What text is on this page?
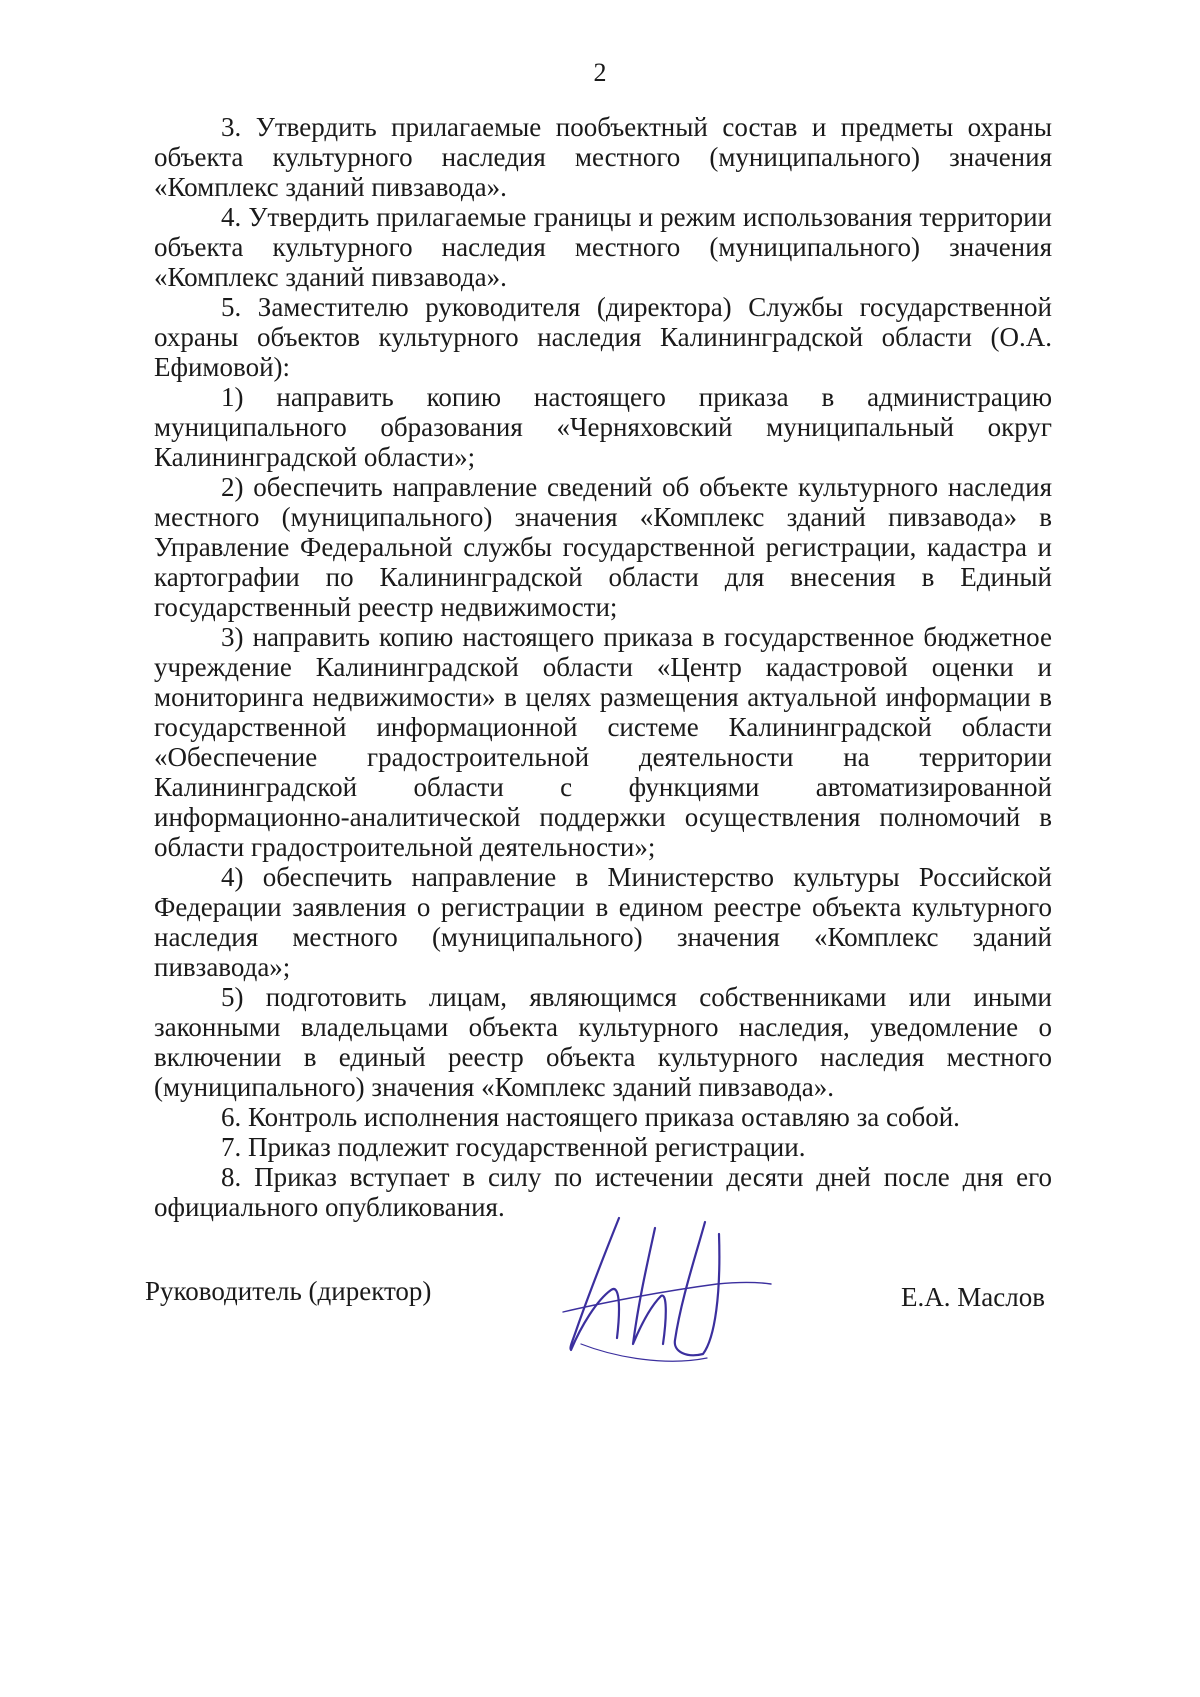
2

3. Утвердить прилагаемые пообъектный состав и предметы охраны объекта культурного наследия местного (муниципального) значения «Комплекс зданий пивзавода».

4. Утвердить прилагаемые границы и режим использования территории объекта культурного наследия местного (муниципального) значения «Комплекс зданий пивзавода».

5. Заместителю руководителя (директора) Службы государственной охраны объектов культурного наследия Калининградской области (О.А. Ефимовой):

1) направить копию настоящего приказа в администрацию муниципального образования «Черняховский муниципальный округ Калининградской области»;

2) обеспечить направление сведений об объекте культурного наследия местного (муниципального) значения «Комплекс зданий пивзавода» в Управление Федеральной службы государственной регистрации, кадастра и картографии по Калининградской области для внесения в Единый государственный реестр недвижимости;

3) направить копию настоящего приказа в государственное бюджетное учреждение Калининградской области «Центр кадастровой оценки и мониторинга недвижимости» в целях размещения актуальной информации в государственной информационной системе Калининградской области «Обеспечение градостроительной деятельности на территории Калининградской области с функциями автоматизированной информационно-аналитической поддержки осуществления полномочий в области градостроительной деятельности»;

4) обеспечить направление в Министерство культуры Российской Федерации заявления о регистрации в едином реестре объекта культурного наследия местного (муниципального) значения «Комплекс зданий пивзавода»;

5) подготовить лицам, являющимся собственниками или иными законными владельцами объекта культурного наследия, уведомление о включении в единый реестр объекта культурного наследия местного (муниципального) значения «Комплекс зданий пивзавода».

6. Контроль исполнения настоящего приказа оставляю за собой.

7. Приказ подлежит государственной регистрации.

8. Приказ вступает в силу по истечении десяти дней после дня его официального опубликования.

Руководитель (директор)	Е.А. Маслов
